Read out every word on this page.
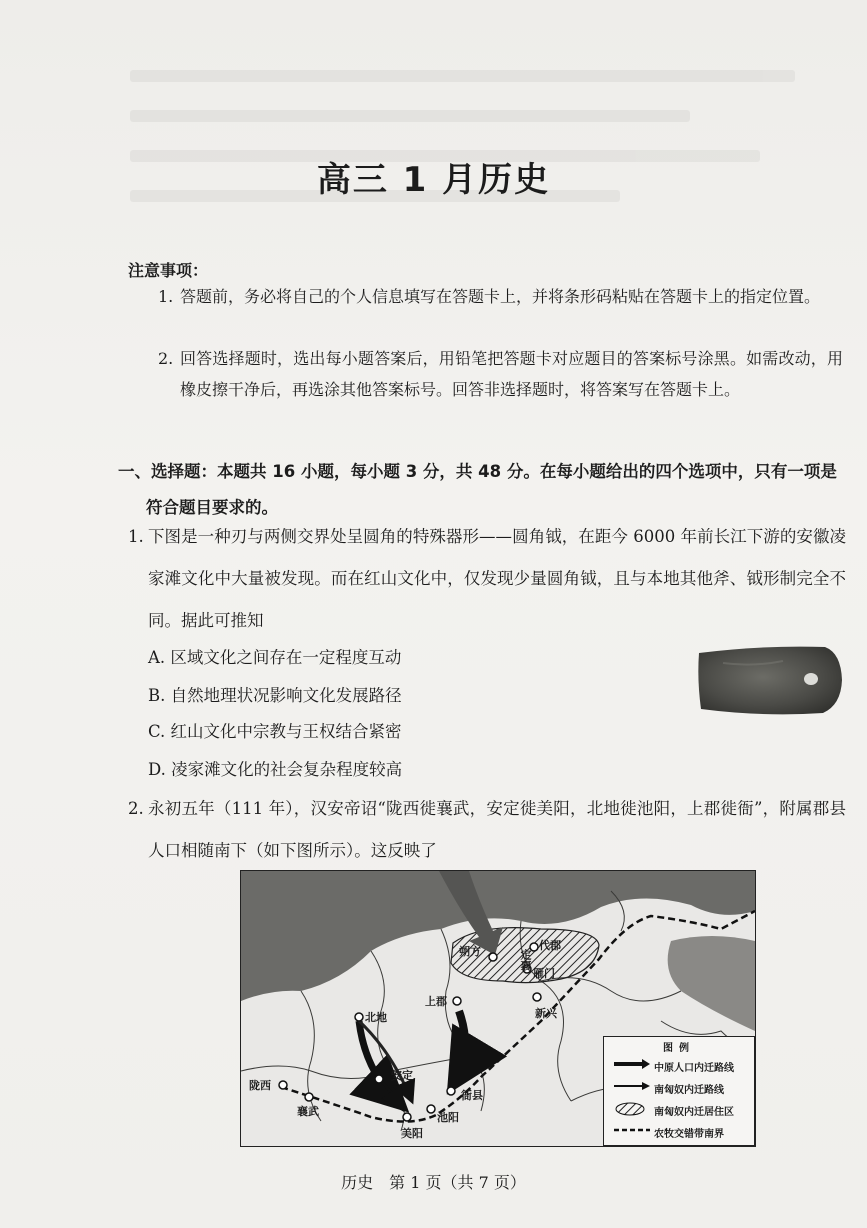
高三 1 月历史
注意事项：
1. 答题前，务必将自己的个人信息填写在答题卡上，并将条形码粘贴在答题卡上的指定位置。
2. 回答选择题时，选出每小题答案后，用铅笔把答题卡对应题目的答案标号涂黑。如需改动，用橡皮擦干净后，再选涂其他答案标号。回答非选择题时，将答案写在答题卡上。
一、选择题：本题共 16 小题，每小题 3 分，共 48 分。在每小题给出的四个选项中，只有一项是
符合题目要求的。
1. 下图是一种刃与两侧交界处呈圆角的特殊器形——圆角钺，在距今 6000 年前长江下游的安徽凌家滩文化中大量被发现。而在红山文化中，仅发现少量圆角钺，且与本地其他斧、钺形制完全不同。据此可推知
A. 区域文化之间存在一定程度互动
B. 自然地理状况影响文化发展路径
C. 红山文化中宗教与王权结合紧密
D. 凌家滩文化的社会复杂程度较高
2. 永初五年（111 年），汉安帝诏“陇西徙襄武，安定徙美阳，北地徙池阳，上郡徙衙”，附属郡县人口相随南下（如下图所示）。这反映了
朔方	定襄
代郡
雁门
上郡
新兴
北地
安定
衙县
陇西
襄武	池阳
美阳
图例
中原人口内迁路线
南匈奴内迁路线
南匈奴内迁居住区
农牧交错带南界
历史　第 1 页（共 7 页）
